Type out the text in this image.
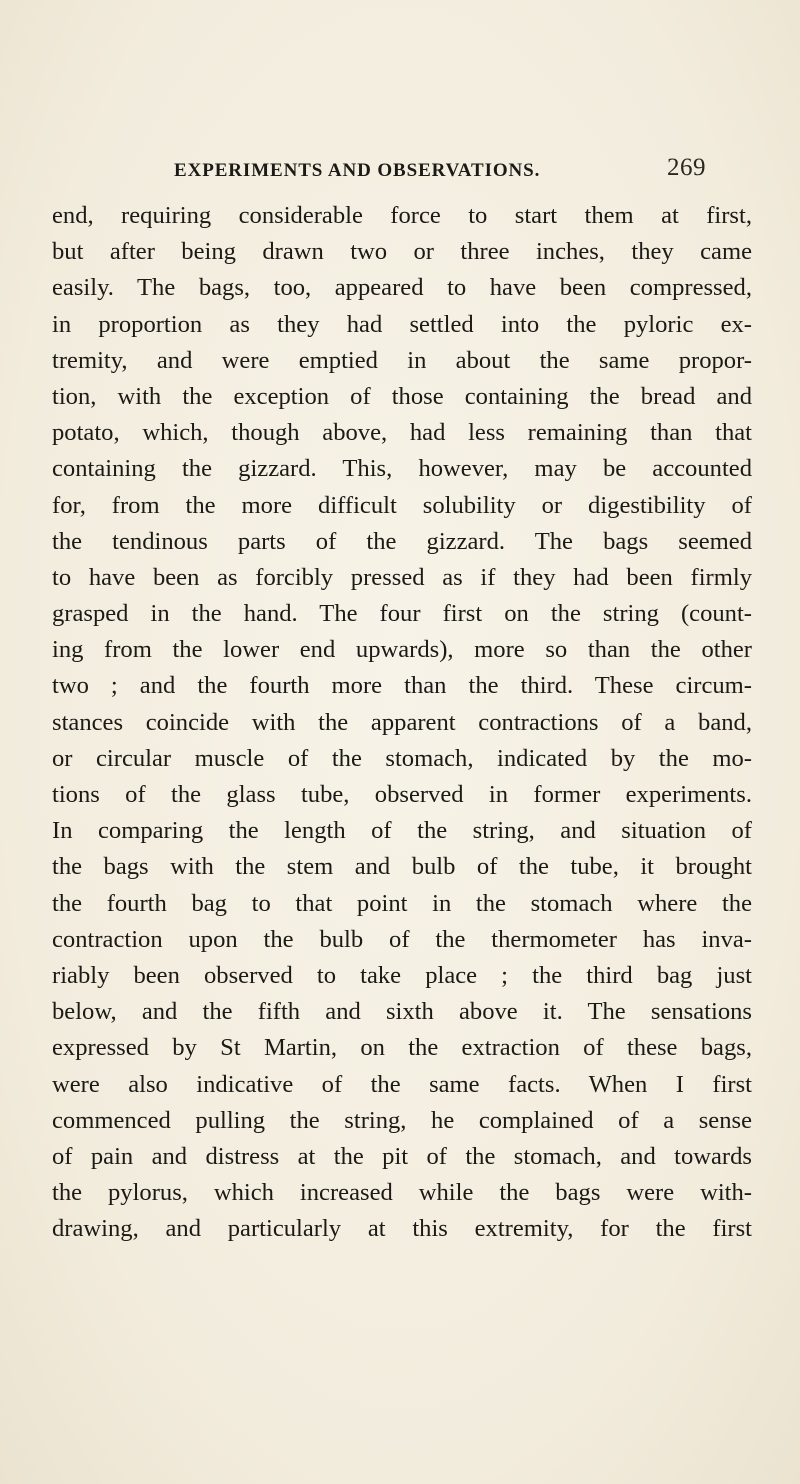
EXPERIMENTS AND OBSERVATIONS.	269
end, requiring considerable force to start them at first,
but after being drawn two or three inches, they came
easily. The bags, too, appeared to have been compressed,
in proportion as they had settled into the pyloric ex-
tremity, and were emptied in about the same propor-
tion, with the exception of those containing the bread and
potato, which, though above, had less remaining than that
containing the gizzard. This, however, may be accounted
for, from the more difficult solubility or digestibility of
the tendinous parts of the gizzard. The bags seemed
to have been as forcibly pressed as if they had been firmly
grasped in the hand. The four first on the string (count-
ing from the lower end upwards), more so than the other
two ; and the fourth more than the third. These circum-
stances coincide with the apparent contractions of a band,
or circular muscle of the stomach, indicated by the mo-
tions of the glass tube, observed in former experiments.
In comparing the length of the string, and situation of
the bags with the stem and bulb of the tube, it brought
the fourth bag to that point in the stomach where the
contraction upon the bulb of the thermometer has inva-
riably been observed to take place ; the third bag just
below, and the fifth and sixth above it. The sensations
expressed by St Martin, on the extraction of these bags,
were also indicative of the same facts. When I first
commenced pulling the string, he complained of a sense
of pain and distress at the pit of the stomach, and towards
the pylorus, which increased while the bags were with-
drawing, and particularly at this extremity, for the first
